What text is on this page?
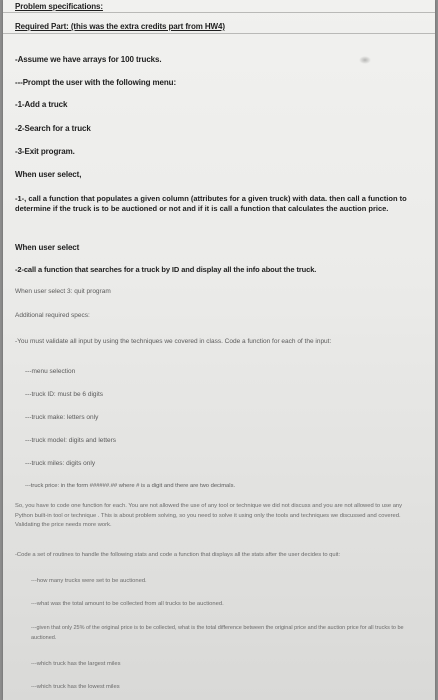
Problem specifications:
Required Part: (this was the extra credits part from HW4)
-Assume we have arrays for 100 trucks.
---Prompt the user with the following menu:
-1-Add a truck
-2-Search for a truck
-3-Exit program.
When user select,
-1-, call a function that populates a given column (attributes for a given truck) with data. then call a function to determine if the truck is to be auctioned or not and if it is call a function that calculates the auction price.
When user select
-2-call a function that searches for a truck by ID and display all the info about the truck.
When user select 3: quit program
Additional required specs:
-You must validate all input by using the techniques we covered in class. Code a function for each of the input:
---menu selection
---truck ID: must be 6 digits
---truck make: letters only
---truck model: digits and letters
---truck miles: digits only
---truck price: in the form ######.## where # is a digit and there are two decimals.
So, you have to code one function for each. You are not allowed the use of any tool or technique we did not discuss and you are not allowed to use any Python built-in tool or technique . This is about problem solving, so you need to solve it using only the tools and techniques we discussed and covered. Validating the price needs more work.
-Code a set of routines to handle the following stats and code a function that displays all the stats after the user decides to quit:
---how many trucks were set to be auctioned.
---what was the total amount to be collected from all trucks to be auctioned.
---given that only 25% of the original price is to be collected, what is the total difference between the original price and the auction price for all trucks to be auctioned.
---which truck has the largest miles
---which truck has the lowest miles
